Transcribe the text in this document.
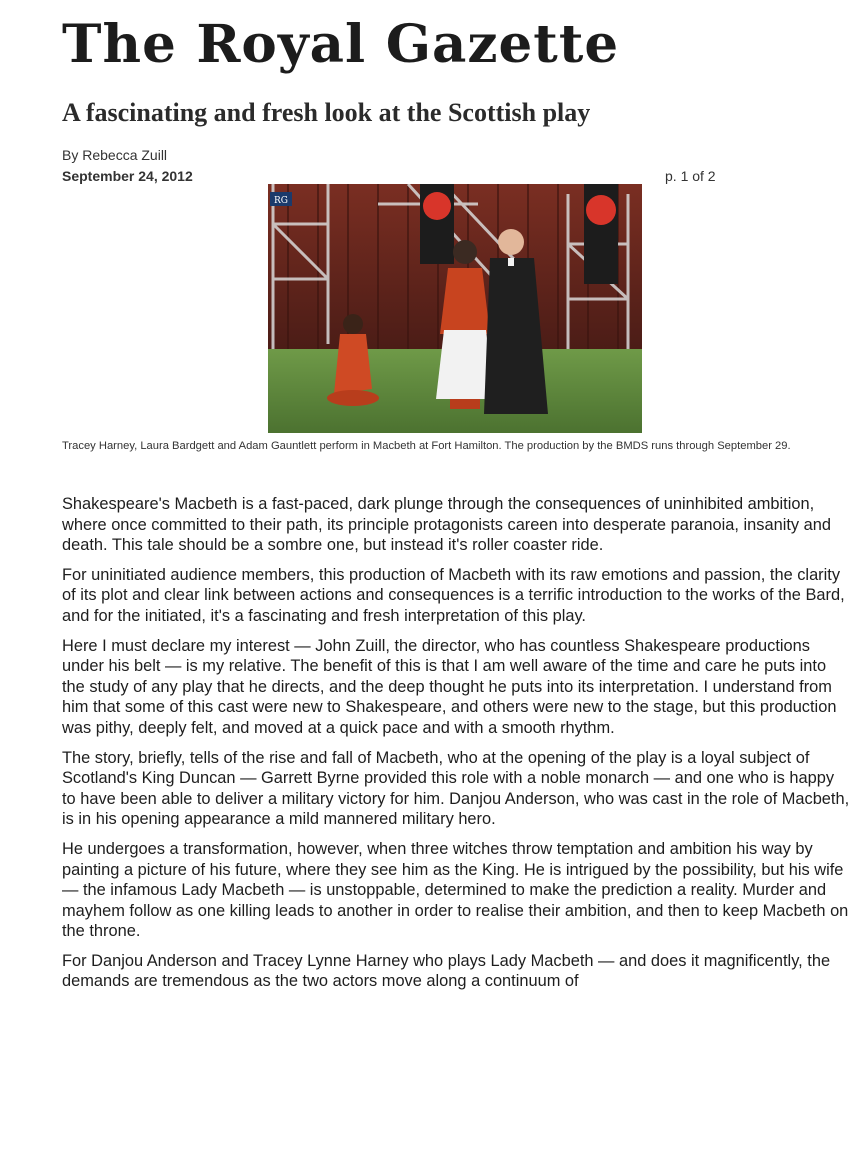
The Royal Gazette
A fascinating and fresh look at the Scottish play
By Rebecca Zuill
September 24, 2012	p. 1 of 2
RG
Tracey Harney, Laura Bardgett and Adam Gauntlett perform in Macbeth at Fort Hamilton. The production by the BMDS runs through September 29.

Shakespeare's Macbeth is a fast-paced, dark plunge through the consequences of uninhibited ambition, where once committed to their path, its principle protagonists careen into desperate paranoia, insanity and death. This tale should be a sombre one, but instead it's roller coaster ride.

For uninitiated audience members, this production of Macbeth with its raw emotions and passion, the clarity of its plot and clear link between actions and consequences is a terrific introduction to the works of the Bard, and for the initiated, it's a fascinating and fresh interpretation of this play.

Here I must declare my interest — John Zuill, the director, who has countless Shakespeare productions under his belt — is my relative. The benefit of this is that I am well aware of the time and care he puts into the study of any play that he directs, and the deep thought he puts into its interpretation. I understand from him that some of this cast were new to Shakespeare, and others were new to the stage, but this production was pithy, deeply felt, and moved at a quick pace and with a smooth rhythm.

The story, briefly, tells of the rise and fall of Macbeth, who at the opening of the play is a loyal subject of Scotland's King Duncan — Garrett Byrne provided this role with a noble monarch — and one who is happy to have been able to deliver a military victory for him. Danjou Anderson, who was cast in the role of Macbeth, is in his opening appearance a mild mannered military hero.

He undergoes a transformation, however, when three witches throw temptation and ambition his way by painting a picture of his future, where they see him as the King. He is intrigued by the possibility, but his wife — the infamous Lady Macbeth — is unstoppable, determined to make the prediction a reality. Murder and mayhem follow as one killing leads to another in order to realise their ambition, and then to keep Macbeth on the throne.

For Danjou Anderson and Tracey Lynne Harney who plays Lady Macbeth — and does it magnificently, the demands are tremendous as the two actors move along a continuum of
